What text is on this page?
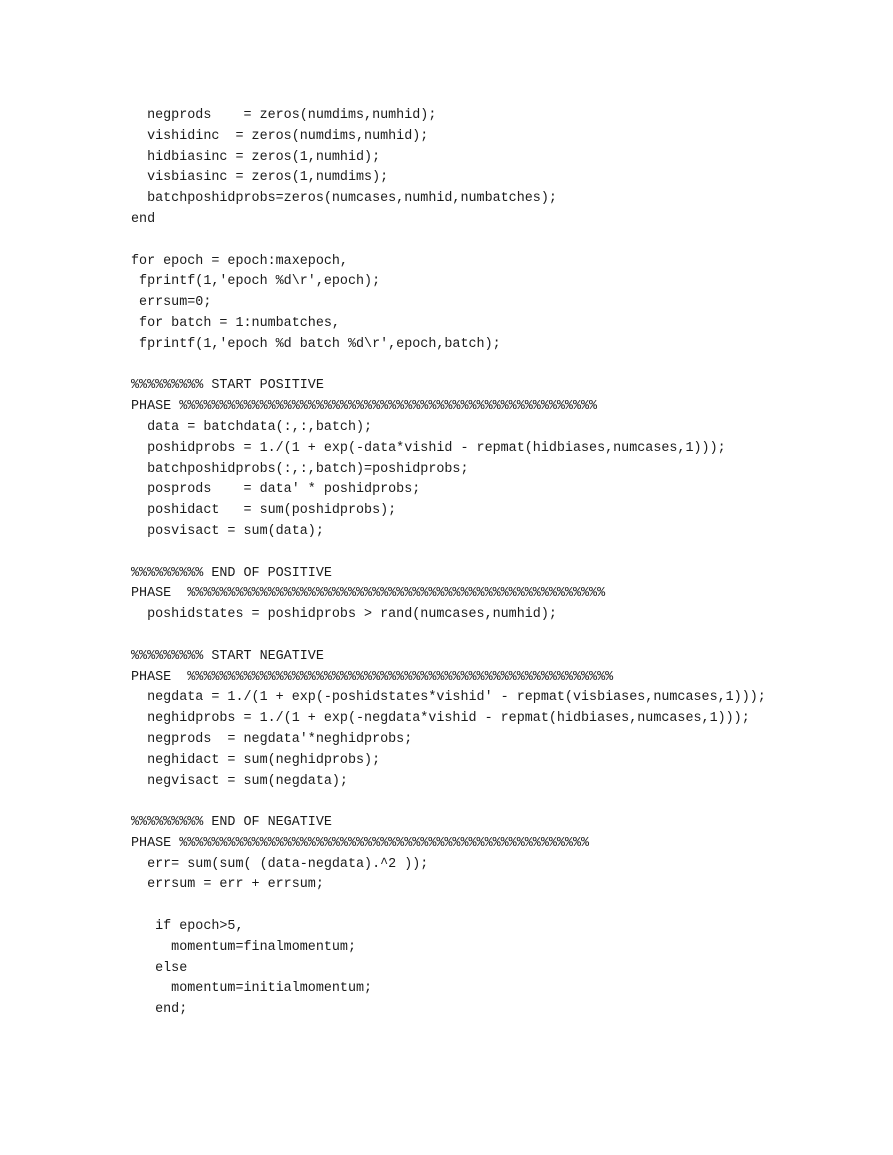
negprods    = zeros(numdims,numhid);
vishidinc  = zeros(numdims,numhid);
hidbiasinc = zeros(1,numhid);
visbiasinc = zeros(1,numdims);
batchposhidprobs=zeros(numcases,numhid,numbatches);
end
for epoch = epoch:maxepoch,
fprintf(1,'epoch %d\r',epoch);
errsum=0;
for batch = 1:numbatches,
fprintf(1,'epoch %d batch %d\r',epoch,batch);
%%%%%%%%% START POSITIVE
PHASE %%%%%%%%%%%%%%%%%%%%%%%%%%%%%%%%%%%%%%%%%%%%%%%%%%%%
data = batchdata(:,:,batch);
poshidprobs = 1./(1 + exp(-data*vishid - repmat(hidbiases,numcases,1)));
batchposhidprobs(:,:,batch)=poshidprobs;
posprods    = data' * poshidprobs;
poshidact   = sum(poshidprobs);
posvisact = sum(data);
%%%%%%%%% END OF POSITIVE
PHASE  %%%%%%%%%%%%%%%%%%%%%%%%%%%%%%%%%%%%%%%%%%%%%%%%%%%%
poshidstates = poshidprobs > rand(numcases,numhid);
%%%%%%%%% START NEGATIVE
PHASE  %%%%%%%%%%%%%%%%%%%%%%%%%%%%%%%%%%%%%%%%%%%%%%%%%%%%%
negdata = 1./(1 + exp(-poshidstates*vishid' - repmat(visbiases,numcases,1)));
neghidprobs = 1./(1 + exp(-negdata*vishid - repmat(hidbiases,numcases,1)));
negprods  = negdata'*neghidprobs;
neghidact = sum(neghidprobs);
negvisact = sum(negdata);
%%%%%%%%% END OF NEGATIVE
PHASE %%%%%%%%%%%%%%%%%%%%%%%%%%%%%%%%%%%%%%%%%%%%%%%%%%%
err= sum(sum( (data-negdata).^2 ));
errsum = err + errsum;
if epoch>5,
momentum=finalmomentum;
else
momentum=initialmomentum;
end;
